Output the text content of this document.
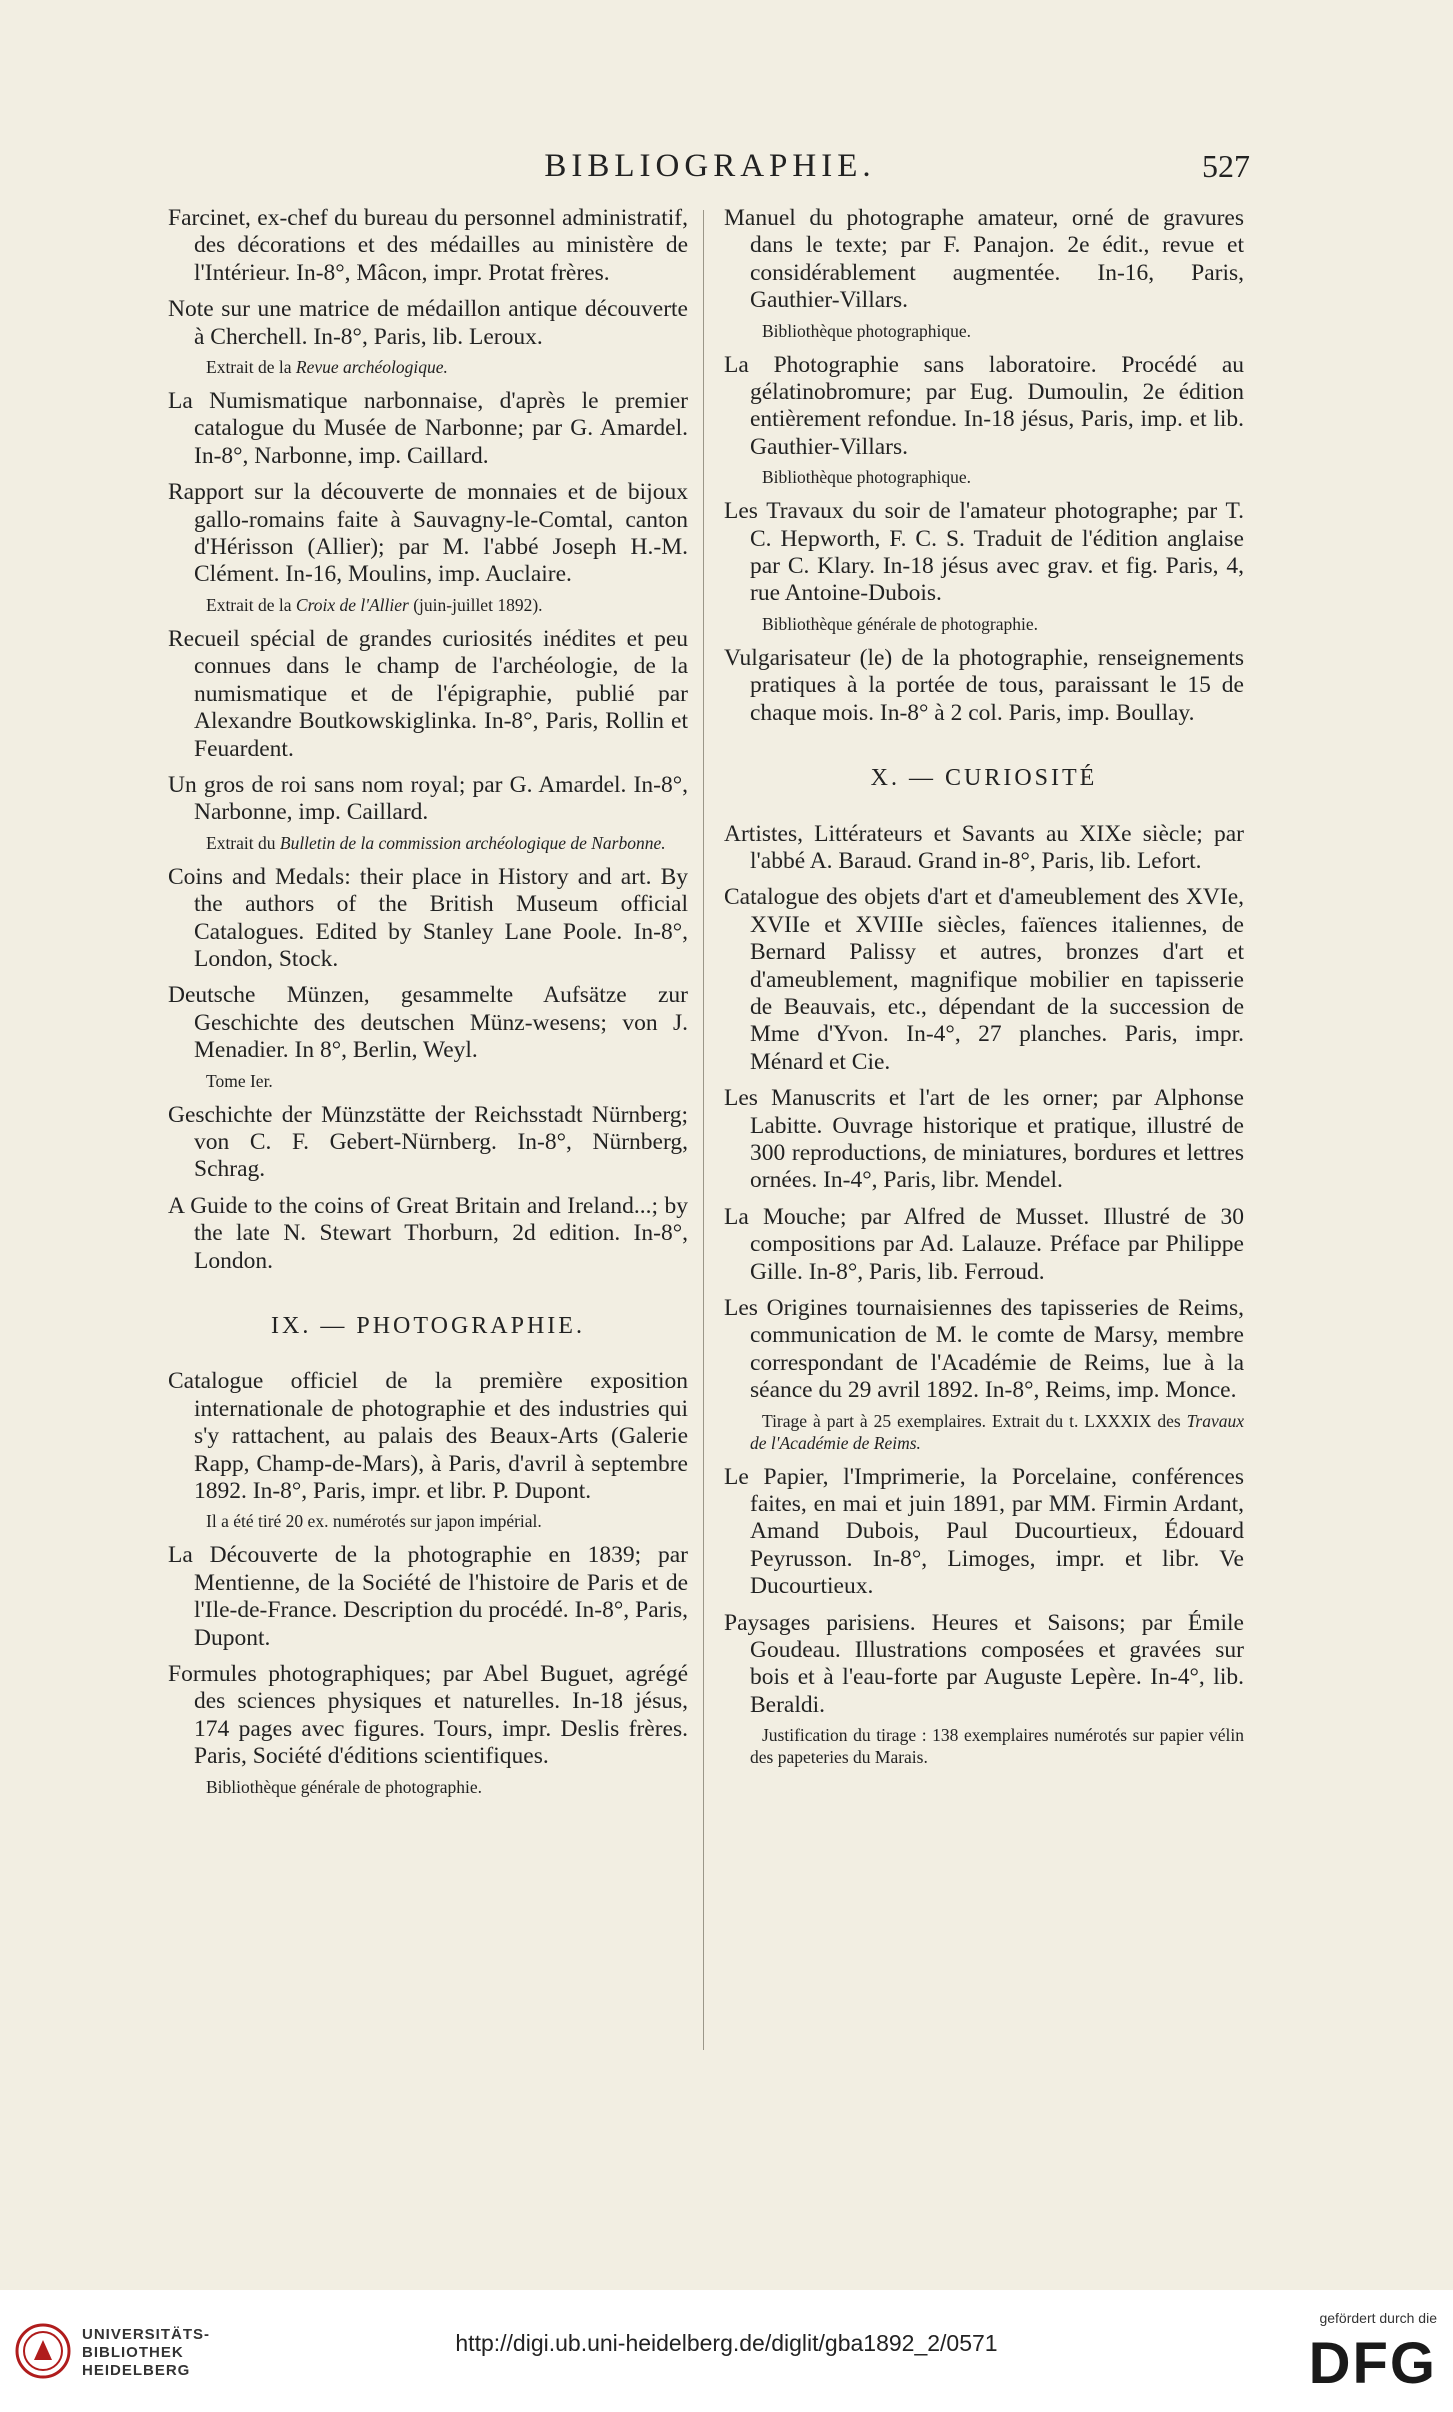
BIBLIOGRAPHIE.	527
Farcinet, ex-chef du bureau du personnel administratif, des décorations et des médailles au ministère de l'Intérieur. In-8°, Mâcon, impr. Protat frères.
Note sur une matrice de médaillon antique découverte à Cherchell. In-8°, Paris, lib. Leroux.
Extrait de la Revue archéologique.
La Numismatique narbonnaise, d'après le premier catalogue du Musée de Narbonne; par G. Amardel. In-8°, Narbonne, imp. Caillard.
Rapport sur la découverte de monnaies et de bijoux gallo-romains faite à Sauvagny-le-Comtal, canton d'Hérisson (Allier); par M. l'abbé Joseph H.-M. Clément. In-16, Moulins, imp. Auclaire.
Extrait de la Croix de l'Allier (juin-juillet 1892).
Recueil spécial de grandes curiosités inédites et peu connues dans le champ de l'archéologie, de la numismatique et de l'épigraphie, publié par Alexandre Boutkowskiglinka. In-8°, Paris, Rollin et Feuardent.
Un gros de roi sans nom royal; par G. Amardel. In-8°, Narbonne, imp. Caillard.
Extrait du Bulletin de la commission archéologique de Narbonne.
Coins and Medals: their place in History and art. By the authors of the British Museum official Catalogues. Edited by Stanley Lane Poole. In-8°, London, Stock.
Deutsche Münzen, gesammelte Aufsätze zur Geschichte des deutschen Münz-wesens; von J. Menadier. In 8°, Berlin, Weyl.
Tome Ier.
Geschichte der Münzstätte der Reichsstadt Nürnberg; von C. F. Gebert-Nürnberg. In-8°, Nürnberg, Schrag.
A Guide to the coins of Great Britain and Ireland...; by the late N. Stewart Thorburn, 2d edition. In-8°, London.
IX. — PHOTOGRAPHIE.
Catalogue officiel de la première exposition internationale de photographie et des industries qui s'y rattachent, au palais des Beaux-Arts (Galerie Rapp, Champ-de-Mars), à Paris, d'avril à septembre 1892. In-8°, Paris, impr. et libr. P. Dupont.
Il a été tiré 20 ex. numérotés sur japon impérial.
La Découverte de la photographie en 1839; par Mentienne, de la Société de l'histoire de Paris et de l'Ile-de-France. Description du procédé. In-8°, Paris, Dupont.
Formules photographiques; par Abel Buguet, agrégé des sciences physiques et naturelles. In-18 jésus, 174 pages avec figures. Tours, impr. Deslis frères. Paris, Société d'éditions scientifiques.
Bibliothèque générale de photographie.
Manuel du photographe amateur, orné de gravures dans le texte; par F. Panajon. 2e édit., revue et considérablement augmentée. In-16, Paris, Gauthier-Villars.
Bibliothèque photographique.
La Photographie sans laboratoire. Procédé au gélatinobromure; par Eug. Dumoulin, 2e édition entièrement refondue. In-18 jésus, Paris, imp. et lib. Gauthier-Villars.
Bibliothèque photographique.
Les Travaux du soir de l'amateur photographe; par T. C. Hepworth, F. C. S. Traduit de l'édition anglaise par C. Klary. In-18 jésus avec grav. et fig. Paris, 4, rue Antoine-Dubois.
Bibliothèque générale de photographie.
Vulgarisateur (le) de la photographie, renseignements pratiques à la portée de tous, paraissant le 15 de chaque mois. In-8° à 2 col. Paris, imp. Boullay.
X. — CURIOSITÉ
Artistes, Littérateurs et Savants au XIXe siècle; par l'abbé A. Baraud. Grand in-8°, Paris, lib. Lefort.
Catalogue des objets d'art et d'ameublement des XVIe, XVIIe et XVIIIe siècles, faïences italiennes, de Bernard Palissy et autres, bronzes d'art et d'ameublement, magnifique mobilier en tapisserie de Beauvais, etc., dépendant de la succession de Mme d'Yvon. In-4°, 27 planches. Paris, impr. Ménard et Cie.
Les Manuscrits et l'art de les orner; par Alphonse Labitte. Ouvrage historique et pratique, illustré de 300 reproductions, de miniatures, bordures et lettres ornées. In-4°, Paris, libr. Mendel.
La Mouche; par Alfred de Musset. Illustré de 30 compositions par Ad. Lalauze. Préface par Philippe Gille. In-8°, Paris, lib. Ferroud.
Les Origines tournaisiennes des tapisseries de Reims, communication de M. le comte de Marsy, membre correspondant de l'Académie de Reims, lue à la séance du 29 avril 1892. In-8°, Reims, imp. Monce.
Tirage à part à 25 exemplaires. Extrait du t. LXXXIX des Travaux de l'Académie de Reims.
Le Papier, l'Imprimerie, la Porcelaine, conférences faites, en mai et juin 1891, par MM. Firmin Ardant, Amand Dubois, Paul Ducourtieux, Édouard Peyrusson. In-8°, Limoges, impr. et libr. Ve Ducourtieux.
Paysages parisiens. Heures et Saisons; par Émile Goudeau. Illustrations composées et gravées sur bois et à l'eau-forte par Auguste Lepère. In-4°, lib. Beraldi.
Justification du tirage : 138 exemplaires numérotés sur papier vélin des papeteries du Marais.
UNIVERSITÄTS-
BIBLIOTHEK
HEIDELBERG
http://digi.ub.uni-heidelberg.de/diglit/gba1892_2/0571
gefördert durch die
DFG
